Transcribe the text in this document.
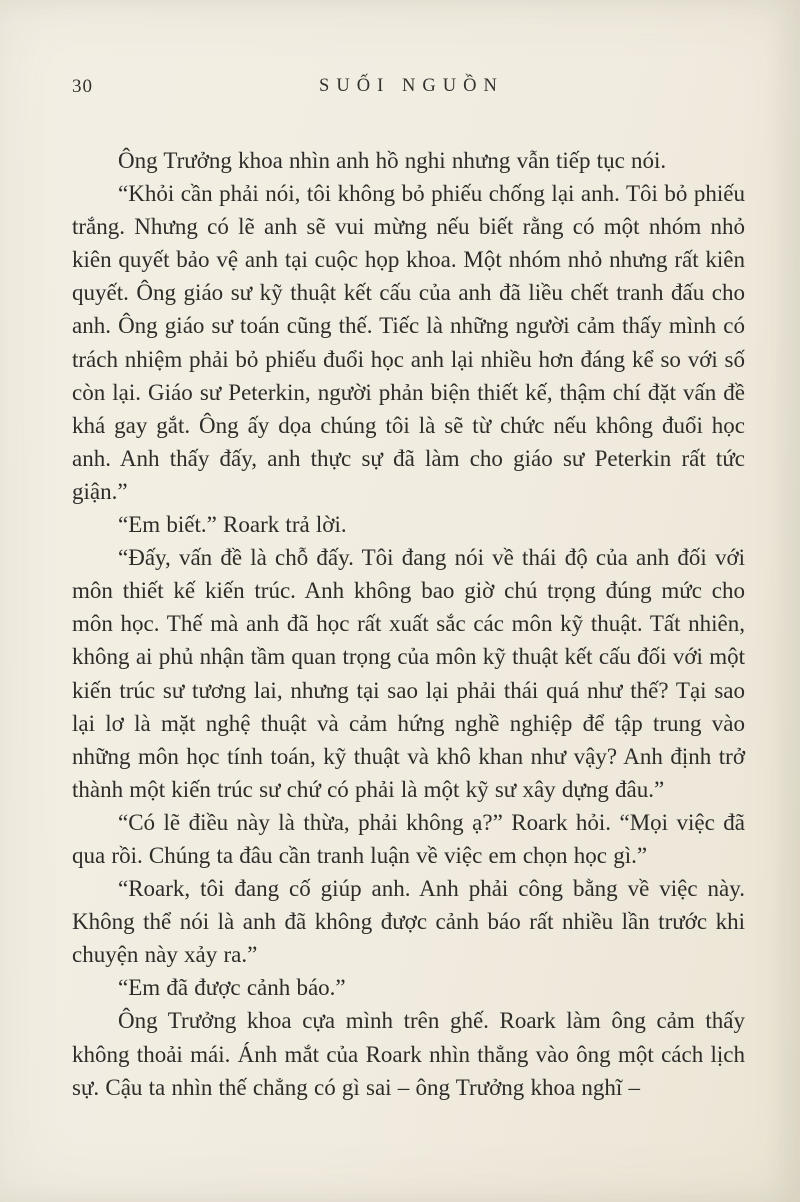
30	SUỐI NGUỒN

Ông Trưởng khoa nhìn anh hồ nghi nhưng vẫn tiếp tục nói.

“Khỏi cần phải nói, tôi không bỏ phiếu chống lại anh. Tôi bỏ phiếu trắng. Nhưng có lẽ anh sẽ vui mừng nếu biết rằng có một nhóm nhỏ kiên quyết bảo vệ anh tại cuộc họp khoa. Một nhóm nhỏ nhưng rất kiên quyết. Ông giáo sư kỹ thuật kết cấu của anh đã liều chết tranh đấu cho anh. Ông giáo sư toán cũng thế. Tiếc là những người cảm thấy mình có trách nhiệm phải bỏ phiếu đuổi học anh lại nhiều hơn đáng kể so với số còn lại. Giáo sư Peterkin, người phản biện thiết kế, thậm chí đặt vấn đề khá gay gắt. Ông ấy dọa chúng tôi là sẽ từ chức nếu không đuổi học anh. Anh thấy đấy, anh thực sự đã làm cho giáo sư Peterkin rất tức giận.”

“Em biết.” Roark trả lời.

“Đấy, vấn đề là chỗ đấy. Tôi đang nói về thái độ của anh đối với môn thiết kế kiến trúc. Anh không bao giờ chú trọng đúng mức cho môn học. Thế mà anh đã học rất xuất sắc các môn kỹ thuật. Tất nhiên, không ai phủ nhận tầm quan trọng của môn kỹ thuật kết cấu đối với một kiến trúc sư tương lai, nhưng tại sao lại phải thái quá như thế? Tại sao lại lơ là mặt nghệ thuật và cảm hứng nghề nghiệp để tập trung vào những môn học tính toán, kỹ thuật và khô khan như vậy? Anh định trở thành một kiến trúc sư chứ có phải là một kỹ sư xây dựng đâu.”

“Có lẽ điều này là thừa, phải không ạ?” Roark hỏi. “Mọi việc đã qua rồi. Chúng ta đâu cần tranh luận về việc em chọn học gì.”

“Roark, tôi đang cố giúp anh. Anh phải công bằng về việc này. Không thể nói là anh đã không được cảnh báo rất nhiều lần trước khi chuyện này xảy ra.”

“Em đã được cảnh báo.”

Ông Trưởng khoa cựa mình trên ghế. Roark làm ông cảm thấy không thoải mái. Ánh mắt của Roark nhìn thẳng vào ông một cách lịch sự. Cậu ta nhìn thế chẳng có gì sai – ông Trưởng khoa nghĩ –
